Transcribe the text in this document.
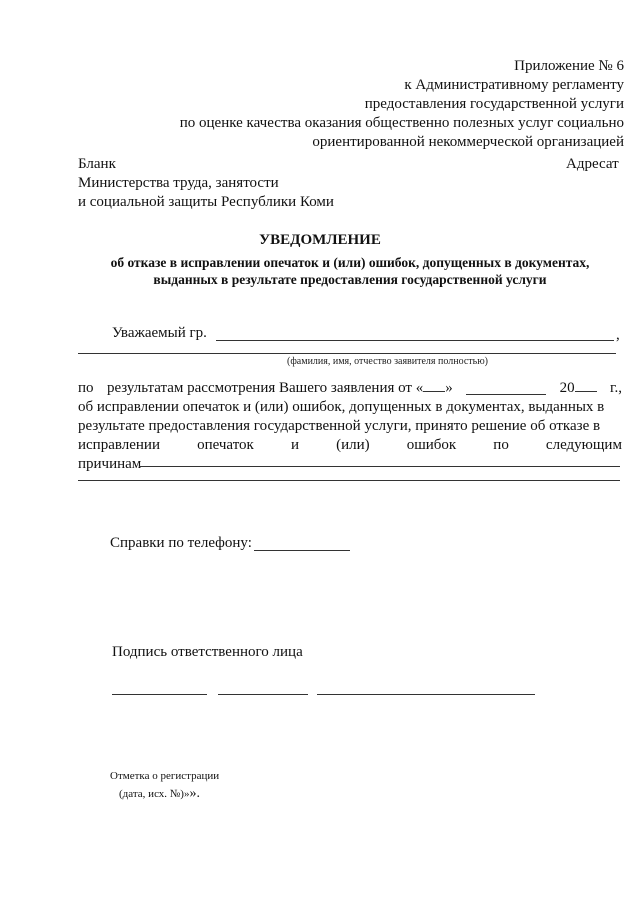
Приложение № 6
к Административному регламенту
предоставления государственной услуги
по оценке качества оказания общественно полезных услуг социально
ориентированной некоммерческой организацией
Бланк
Министерства труда, занятости
и социальной защиты Республики Коми
Адресат
УВЕДОМЛЕНИЕ
об отказе в исправлении опечаток и (или) ошибок, допущенных в документах,
выданных в результате предоставления государственной услуги
Уважаемый гр.	,
(фамилия, имя, отчество заявителя полностью)
по результатам рассмотрения Вашего заявления от « »	20	г.,
об исправлении опечаток и (или) ошибок, допущенных в документах, выданных в
результате предоставления государственной услуги, принято решение об отказе в
исправлении опечаток и (или) ошибок по следующим
причинам
Справки по телефону:
Подпись ответственного лица
Отметка о регистрации
(дата, исх. №)»».
